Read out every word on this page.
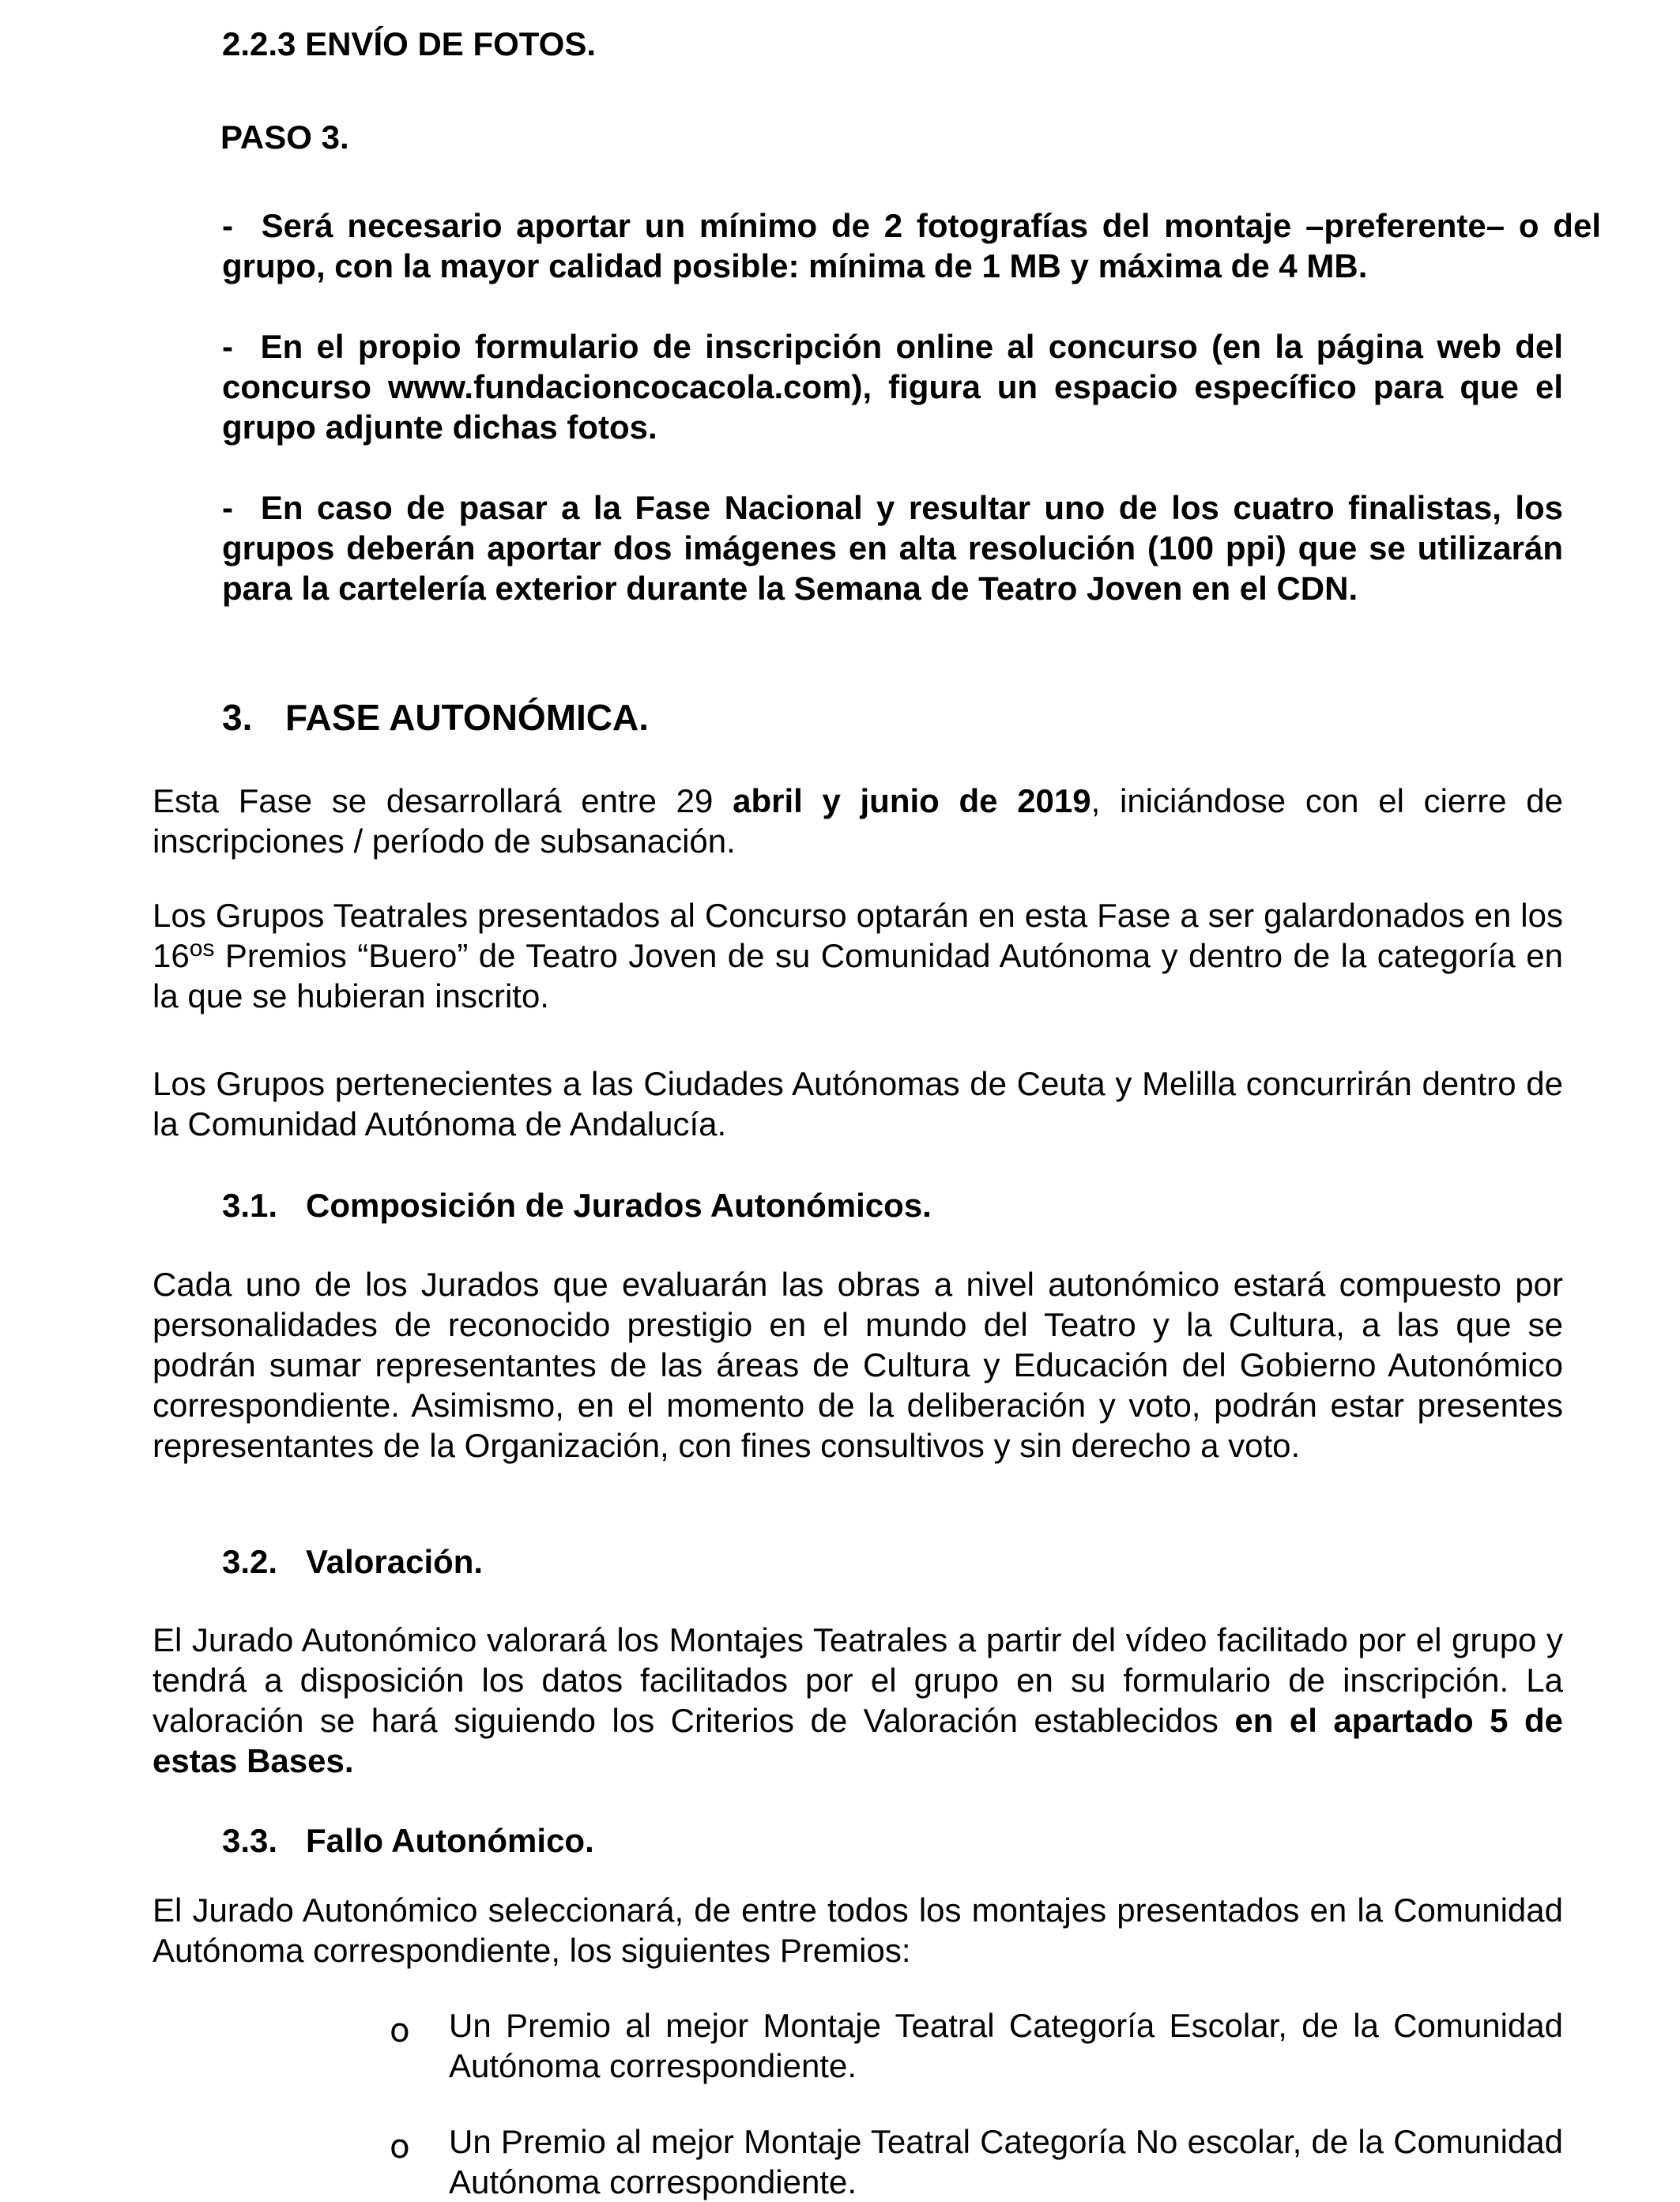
2.2.3 ENVÍO DE FOTOS.
PASO 3.
- Será necesario aportar un mínimo de 2 fotografías del montaje –preferente– o del grupo, con la mayor calidad posible: mínima de 1 MB y máxima de 4 MB.
- En el propio formulario de inscripción online al concurso (en la página web del concurso www.fundacioncocacola.com), figura un espacio específico para que el grupo adjunte dichas fotos.
- En caso de pasar a la Fase Nacional y resultar uno de los cuatro finalistas, los grupos deberán aportar dos imágenes en alta resolución (100 ppi) que se utilizarán para la cartelería exterior durante la Semana de Teatro Joven en el CDN.
3. FASE AUTONÓMICA.
Esta Fase se desarrollará entre 29 abril y junio de 2019, iniciándose con el cierre de inscripciones / período de subsanación.
Los Grupos Teatrales presentados al Concurso optarán en esta Fase a ser galardonados en los $16^{os}$ Premios “Buero” de Teatro Joven de su Comunidad Autónoma y dentro de la categoría en la que se hubieran inscrito.
Los Grupos pertenecientes a las Ciudades Autónomas de Ceuta y Melilla concurrirán dentro de la Comunidad Autónoma de Andalucía.
3.1. Composición de Jurados Autonómicos.
Cada uno de los Jurados que evaluarán las obras a nivel autonómico estará compuesto por personalidades de reconocido prestigio en el mundo del Teatro y la Cultura, a las que se podrán sumar representantes de las áreas de Cultura y Educación del Gobierno Autonómico correspondiente. Asimismo, en el momento de la deliberación y voto, podrán estar presentes representantes de la Organización, con fines consultivos y sin derecho a voto.
3.2. Valoración.
El Jurado Autonómico valorará los Montajes Teatrales a partir del vídeo facilitado por el grupo y tendrá a disposición los datos facilitados por el grupo en su formulario de inscripción. La valoración se hará siguiendo los Criterios de Valoración establecidos en el apartado 5 de estas Bases.
3.3. Fallo Autonómico.
El Jurado Autonómico seleccionará, de entre todos los montajes presentados en la Comunidad Autónoma correspondiente, los siguientes Premios:
o Un Premio al mejor Montaje Teatral Categoría Escolar, de la Comunidad Autónoma correspondiente.
o Un Premio al mejor Montaje Teatral Categoría No escolar, de la Comunidad Autónoma correspondiente.
